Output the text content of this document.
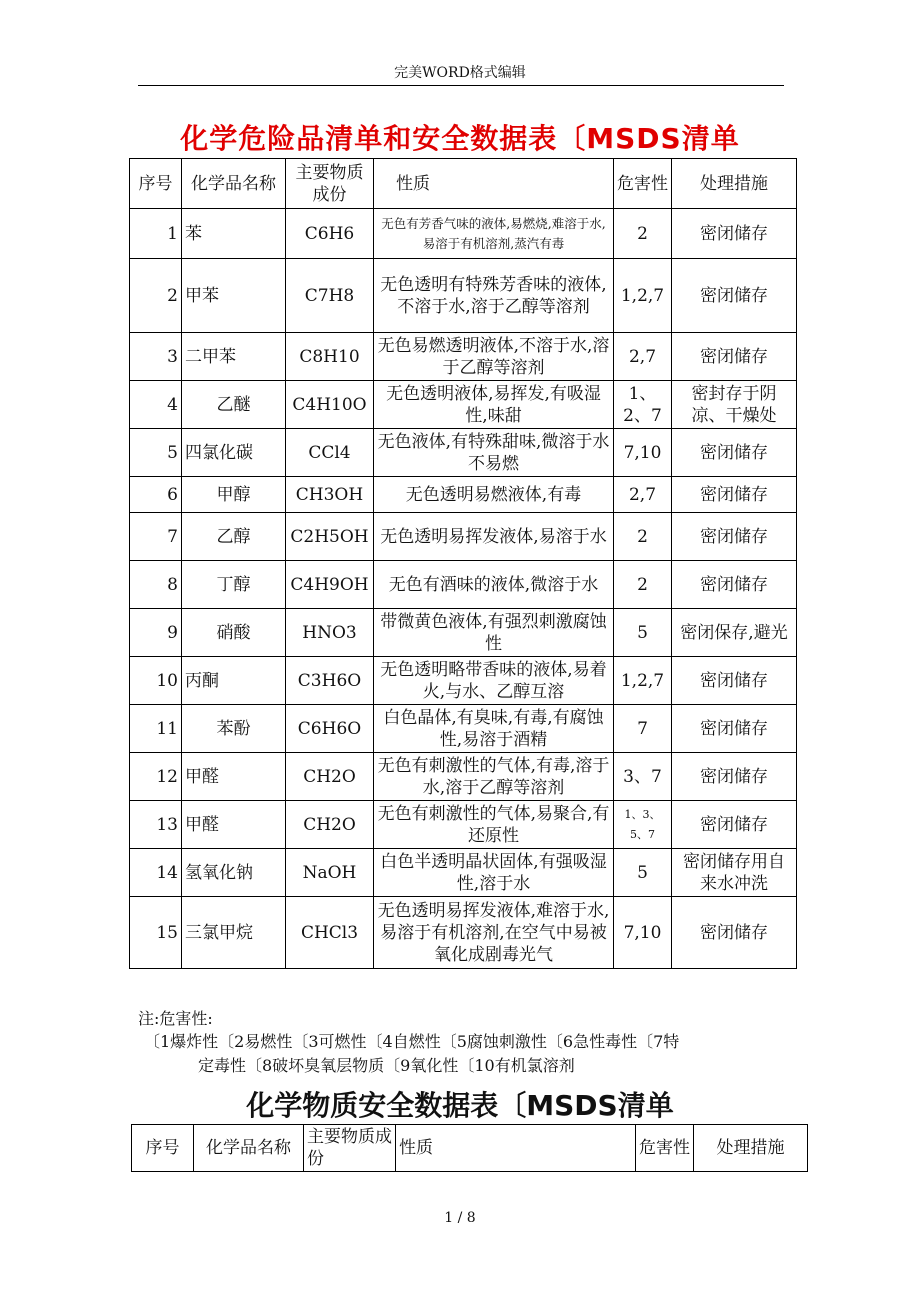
完美WORD格式编辑
化学危险品清单和安全数据表〔MSDS清单
序号	化学品名称	主要物质成份	性质	危害性	处理措施
1	苯	C6H6	无色有芳香气味的液体,易燃烧,难溶于水,易溶于有机溶剂,蒸汽有毒	2	密闭储存
2	甲苯	C7H8	无色透明有特殊芳香味的液体,不溶于水,溶于乙醇等溶剂	1,2,7	密闭储存
3	二甲苯	C8H10	无色易燃透明液体,不溶于水,溶于乙醇等溶剂	2,7	密闭储存
4	乙醚	C4H10O	无色透明液体,易挥发,有吸湿性,味甜	1、2、7	密封存于阴凉、干燥处
5	四氯化碳	CCl4	无色液体,有特殊甜味,微溶于水不易燃	7,10	密闭储存
6	甲醇	CH3OH	无色透明易燃液体,有毒	2,7	密闭储存
7	乙醇	C2H5OH	无色透明易挥发液体,易溶于水	2	密闭储存
8	丁醇	C4H9OH	无色有酒味的液体,微溶于水	2	密闭储存
9	硝酸	HNO3	带微黄色液体,有强烈刺激腐蚀性	5	密闭保存,避光
10	丙酮	C3H6O	无色透明略带香味的液体,易着火,与水、乙醇互溶	1,2,7	密闭储存
11	苯酚	C6H6O	白色晶体,有臭味,有毒,有腐蚀性,易溶于酒精	7	密闭储存
12	甲醛	CH2O	无色有刺激性的气体,有毒,溶于水,溶于乙醇等溶剂	3、7	密闭储存
13	甲醛	CH2O	无色有刺激性的气体,易聚合,有还原性	1、3、5、7	密闭储存
14	氢氧化钠	NaOH	白色半透明晶状固体,有强吸湿性,溶于水	5	密闭储存用自来水冲洗
15	三氯甲烷	CHCl3	无色透明易挥发液体,难溶于水,易溶于有机溶剂,在空气中易被氧化成剧毒光气	7,10	密闭储存
注:危害性:
〔1爆炸性〔2易燃性〔3可燃性〔4自燃性〔5腐蚀刺激性〔6急性毒性〔7特
定毒性〔8破坏臭氧层物质〔9氧化性〔10有机氯溶剂
化学物质安全数据表〔MSDS清单
序号	化学品名称	主要物质成份	性质	危害性	处理措施
1 / 8
